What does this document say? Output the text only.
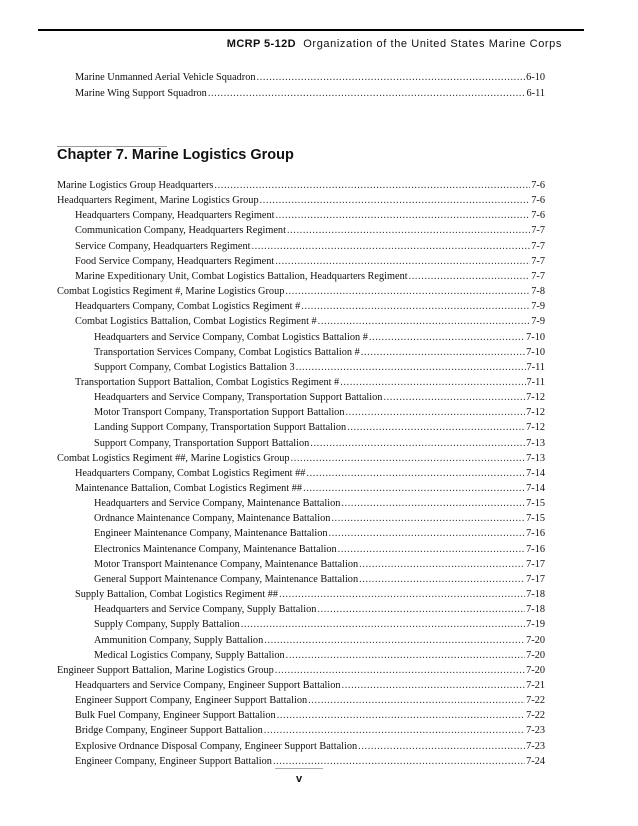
MCRP 5-12D Organization of the United States Marine Corps
Marine Unmanned Aerial Vehicle Squadron .....	6-10
Marine Wing Support Squadron .....	6-11
Chapter 7. Marine Logistics Group
Marine Logistics Group Headquarters .....	7-6
Headquarters Regiment, Marine Logistics Group .....	7-6
Headquarters Company, Headquarters Regiment .....	7-6
Communication Company, Headquarters Regiment .....	7-7
Service Company, Headquarters Regiment .....	7-7
Food Service Company, Headquarters Regiment .....	7-7
Marine Expeditionary Unit, Combat Logistics Battalion, Headquarters Regiment .....	7-7
Combat Logistics Regiment #, Marine Logistics Group .....	7-8
Headquarters Company, Combat Logistics Regiment # .....	7-9
Combat Logistics Battalion, Combat Logistics Regiment # .....	7-9
Headquarters and Service Company, Combat Logistics Battalion # .....	7-10
Transportation Services Company, Combat Logistics Battalion # .....	7-10
Support Company, Combat Logistics Battalion 3 .....	7-11
Transportation Support Battalion, Combat Logistics Regiment # .....	7-11
Headquarters and Service Company, Transportation Support Battalion .....	7-12
Motor Transport Company, Transportation Support Battalion .....	7-12
Landing Support Company, Transportation Support Battalion .....	7-12
Support Company, Transportation Support Battalion .....	7-13
Combat Logistics Regiment ##, Marine Logistics Group .....	7-13
Headquarters Company, Combat Logistics Regiment ## .....	7-14
Maintenance Battalion, Combat Logistics Regiment ## .....	7-14
Headquarters and Service Company, Maintenance Battalion .....	7-15
Ordnance Maintenance Company, Maintenance Battalion .....	7-15
Engineer Maintenance Company, Maintenance Battalion .....	7-16
Electronics Maintenance Company, Maintenance Battalion .....	7-16
Motor Transport Maintenance Company, Maintenance Battalion .....	7-17
General Support Maintenance Company, Maintenance Battalion .....	7-17
Supply Battalion, Combat Logistics Regiment ## .....	7-18
Headquarters and Service Company, Supply Battalion .....	7-18
Supply Company, Supply Battalion .....	7-19
Ammunition Company, Supply Battalion .....	7-20
Medical Logistics Company, Supply Battalion .....	7-20
Engineer Support Battalion, Marine Logistics Group .....	7-20
Headquarters and Service Company, Engineer Support Battalion .....	7-21
Engineer Support Company, Engineer Support Battalion .....	7-22
Bulk Fuel Company, Engineer Support Battalion .....	7-22
Bridge Company, Engineer Support Battalion .....	7-23
Explosive Ordnance Disposal Company, Engineer Support Battalion .....	7-23
Engineer Company, Engineer Support Battalion .....	7-24
v
